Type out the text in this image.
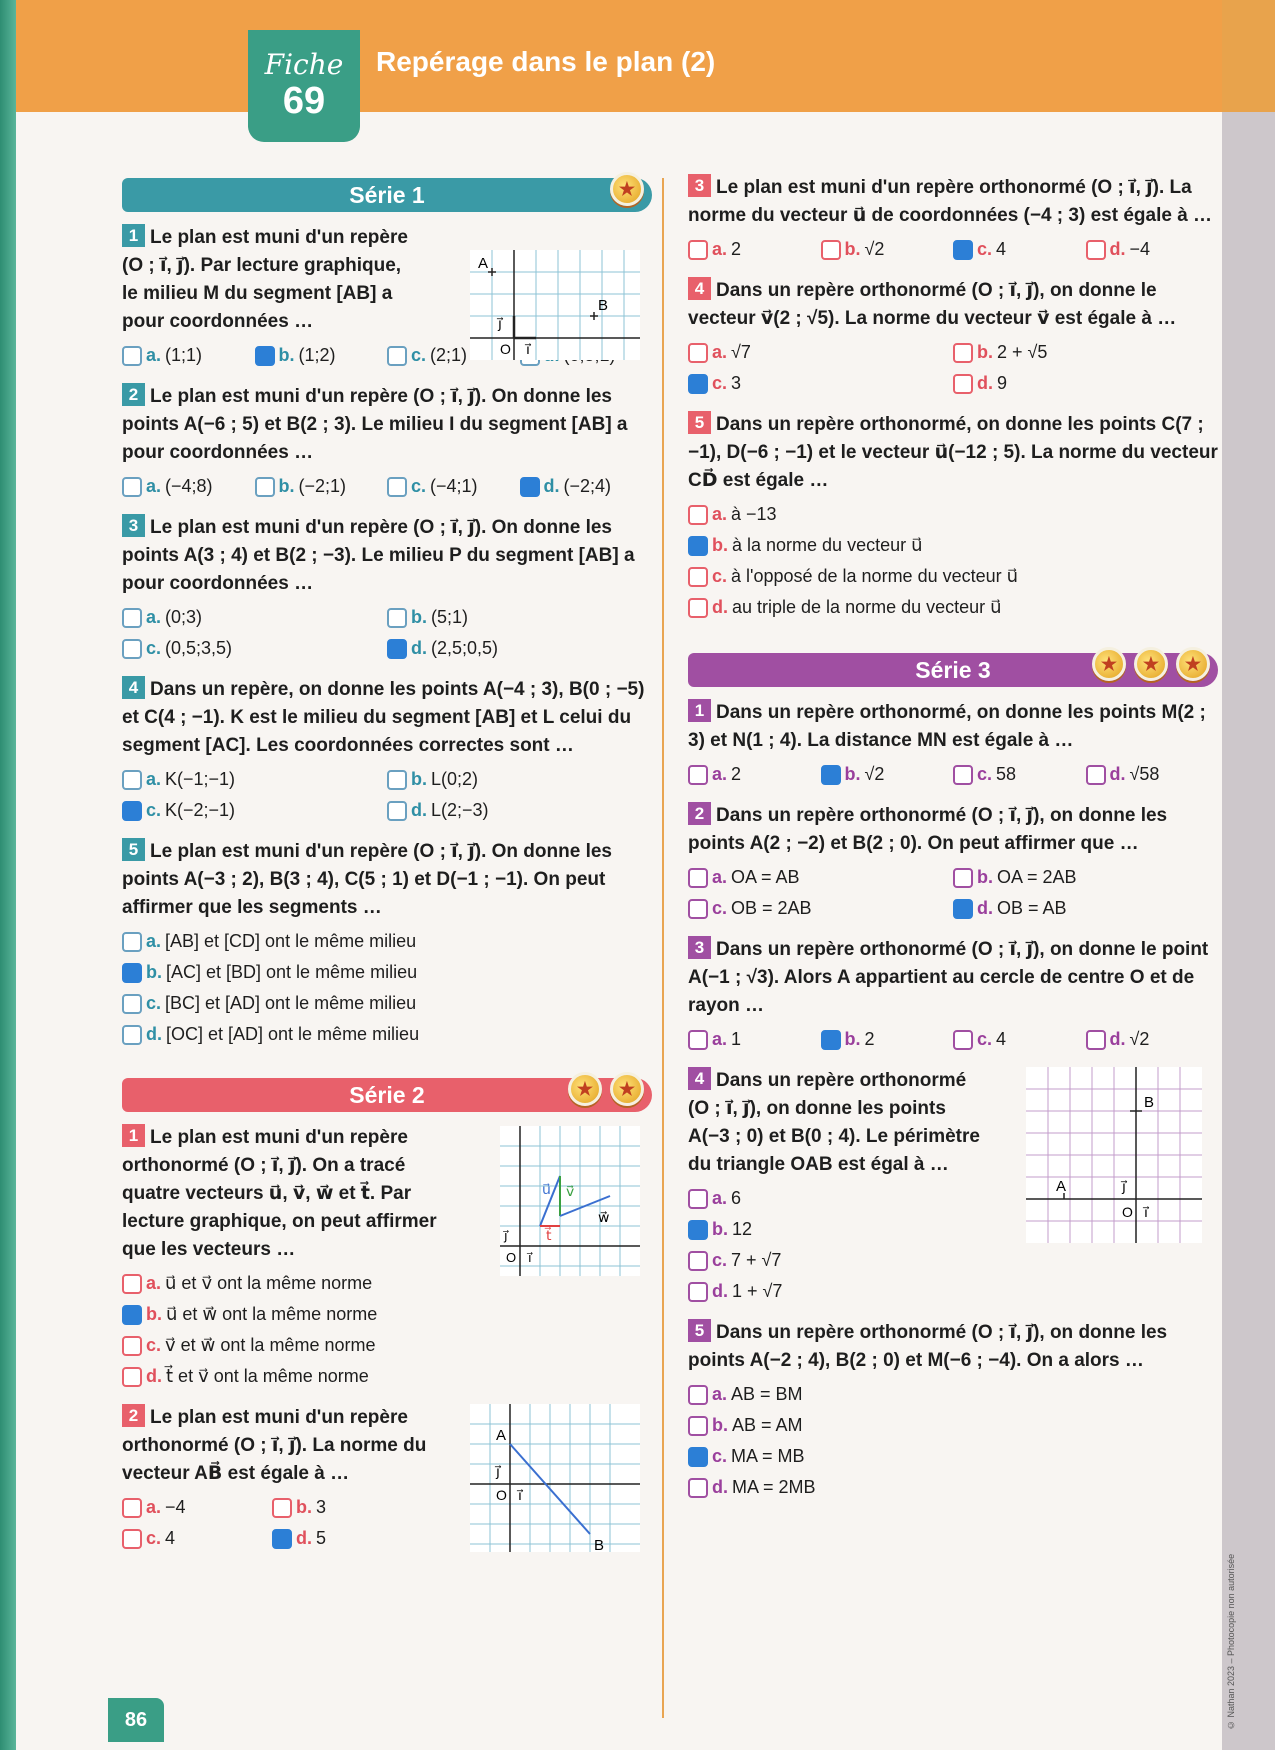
Fiche
69
Repérage dans le plan (2)
Série 1	★
1 Le plan est muni d'un repère (O ; i⃗, j⃗). Par lecture graphique, le milieu M du segment [AB] a pour coordonnées …
A
B
O i⃗
j⃗
a. (1;1)	b. (1;2)	c. (2;1)	d. (0,5;1)
2 Le plan est muni d'un repère (O ; i⃗, j⃗). On donne les points A(−6 ; 5) et B(2 ; 3). Le milieu I du segment [AB] a pour coordonnées …
a. (−4;8)	b. (−2;1)	c. (−4;1)	d. (−2;4)
3 Le plan est muni d'un repère (O ; i⃗, j⃗). On donne les points A(3 ; 4) et B(2 ; −3). Le milieu P du segment [AB] a pour coordonnées …
a. (0;3)	b. (5;1)
c. (0,5;3,5)	d. (2,5;0,5)
4 Dans un repère, on donne les points A(−4 ; 3), B(0 ; −5) et C(4 ; −1). K est le milieu du segment [AB] et L celui du segment [AC]. Les coordonnées correctes sont …
a. K(−1;−1)	b. L(0;2)
c. K(−2;−1)	d. L(2;−3)
5 Le plan est muni d'un repère (O ; i⃗, j⃗). On donne les points A(−3 ; 2), B(3 ; 4), C(5 ; 1) et D(−1 ; −1). On peut affirmer que les segments …
a. [AB] et [CD] ont le même milieu
b. [AC] et [BD] ont le même milieu
c. [BC] et [AD] ont le même milieu
d. [OC] et [AD] ont le même milieu
Série 2	★	★
1 Le plan est muni d'un repère orthonormé (O ; i⃗, j⃗). On a tracé quatre vecteurs u⃗, v⃗, w⃗ et t⃗. Par lecture graphique, on peut affirmer que les vecteurs …
u⃗ v⃗
w⃗
t⃗
O i⃗
j⃗
a. u⃗ et v⃗ ont la même norme
b. u⃗ et w⃗ ont la même norme
c. v⃗ et w⃗ ont la même norme
d. t⃗ et v⃗ ont la même norme
2 Le plan est muni d'un repère orthonormé (O ; i⃗, j⃗). La norme du vecteur AB⃗ est égale à …
A
B
O i⃗
j⃗
a. −4	b. 3
c. 4	d. 5
3 Le plan est muni d'un repère orthonormé (O ; i⃗, j⃗). La norme du vecteur u⃗ de coordonnées (−4 ; 3) est égale à …
a. 2	b. √2	c. 4	d. −4
4 Dans un repère orthonormé (O ; i⃗, j⃗), on donne le vecteur v⃗(2 ; √5). La norme du vecteur v⃗ est égale à …
a. √7	b. 2 + √5
c. 3	d. 9
5 Dans un repère orthonormé, on donne les points C(7 ; −1), D(−6 ; −1) et le vecteur u⃗(−12 ; 5). La norme du vecteur CD⃗ est égale …
a. à −13
b. à la norme du vecteur u⃗
c. à l'opposé de la norme du vecteur u⃗
d. au triple de la norme du vecteur u⃗
Série 3	★	★	★
1 Dans un repère orthonormé, on donne les points M(2 ; 3) et N(1 ; 4). La distance MN est égale à …
a. 2	b. √2	c. 58	d. √58
2 Dans un repère orthonormé (O ; i⃗, j⃗), on donne les points A(2 ; −2) et B(2 ; 0). On peut affirmer que …
a. OA = AB	b. OA = 2AB
c. OB = 2AB	d. OB = AB
3 Dans un repère orthonormé (O ; i⃗, j⃗), on donne le point A(−1 ; √3). Alors A appartient au cercle de centre O et de rayon …
a. 1	b. 2	c. 4	d. √2
4 Dans un repère orthonormé (O ; i⃗, j⃗), on donne les points A(−3 ; 0) et B(0 ; 4). Le périmètre du triangle OAB est égal à …
B
A
O i⃗
j⃗
a. 6
b. 12
c. 7 + √7
d. 1 + √7
5 Dans un repère orthonormé (O ; i⃗, j⃗), on donne les points A(−2 ; 4), B(2 ; 0) et M(−6 ; −4). On a alors …
a. AB = BM
b. AB = AM
c. MA = MB
d. MA = 2MB
86	© Nathan 2023 – Photocopie non autorisée
